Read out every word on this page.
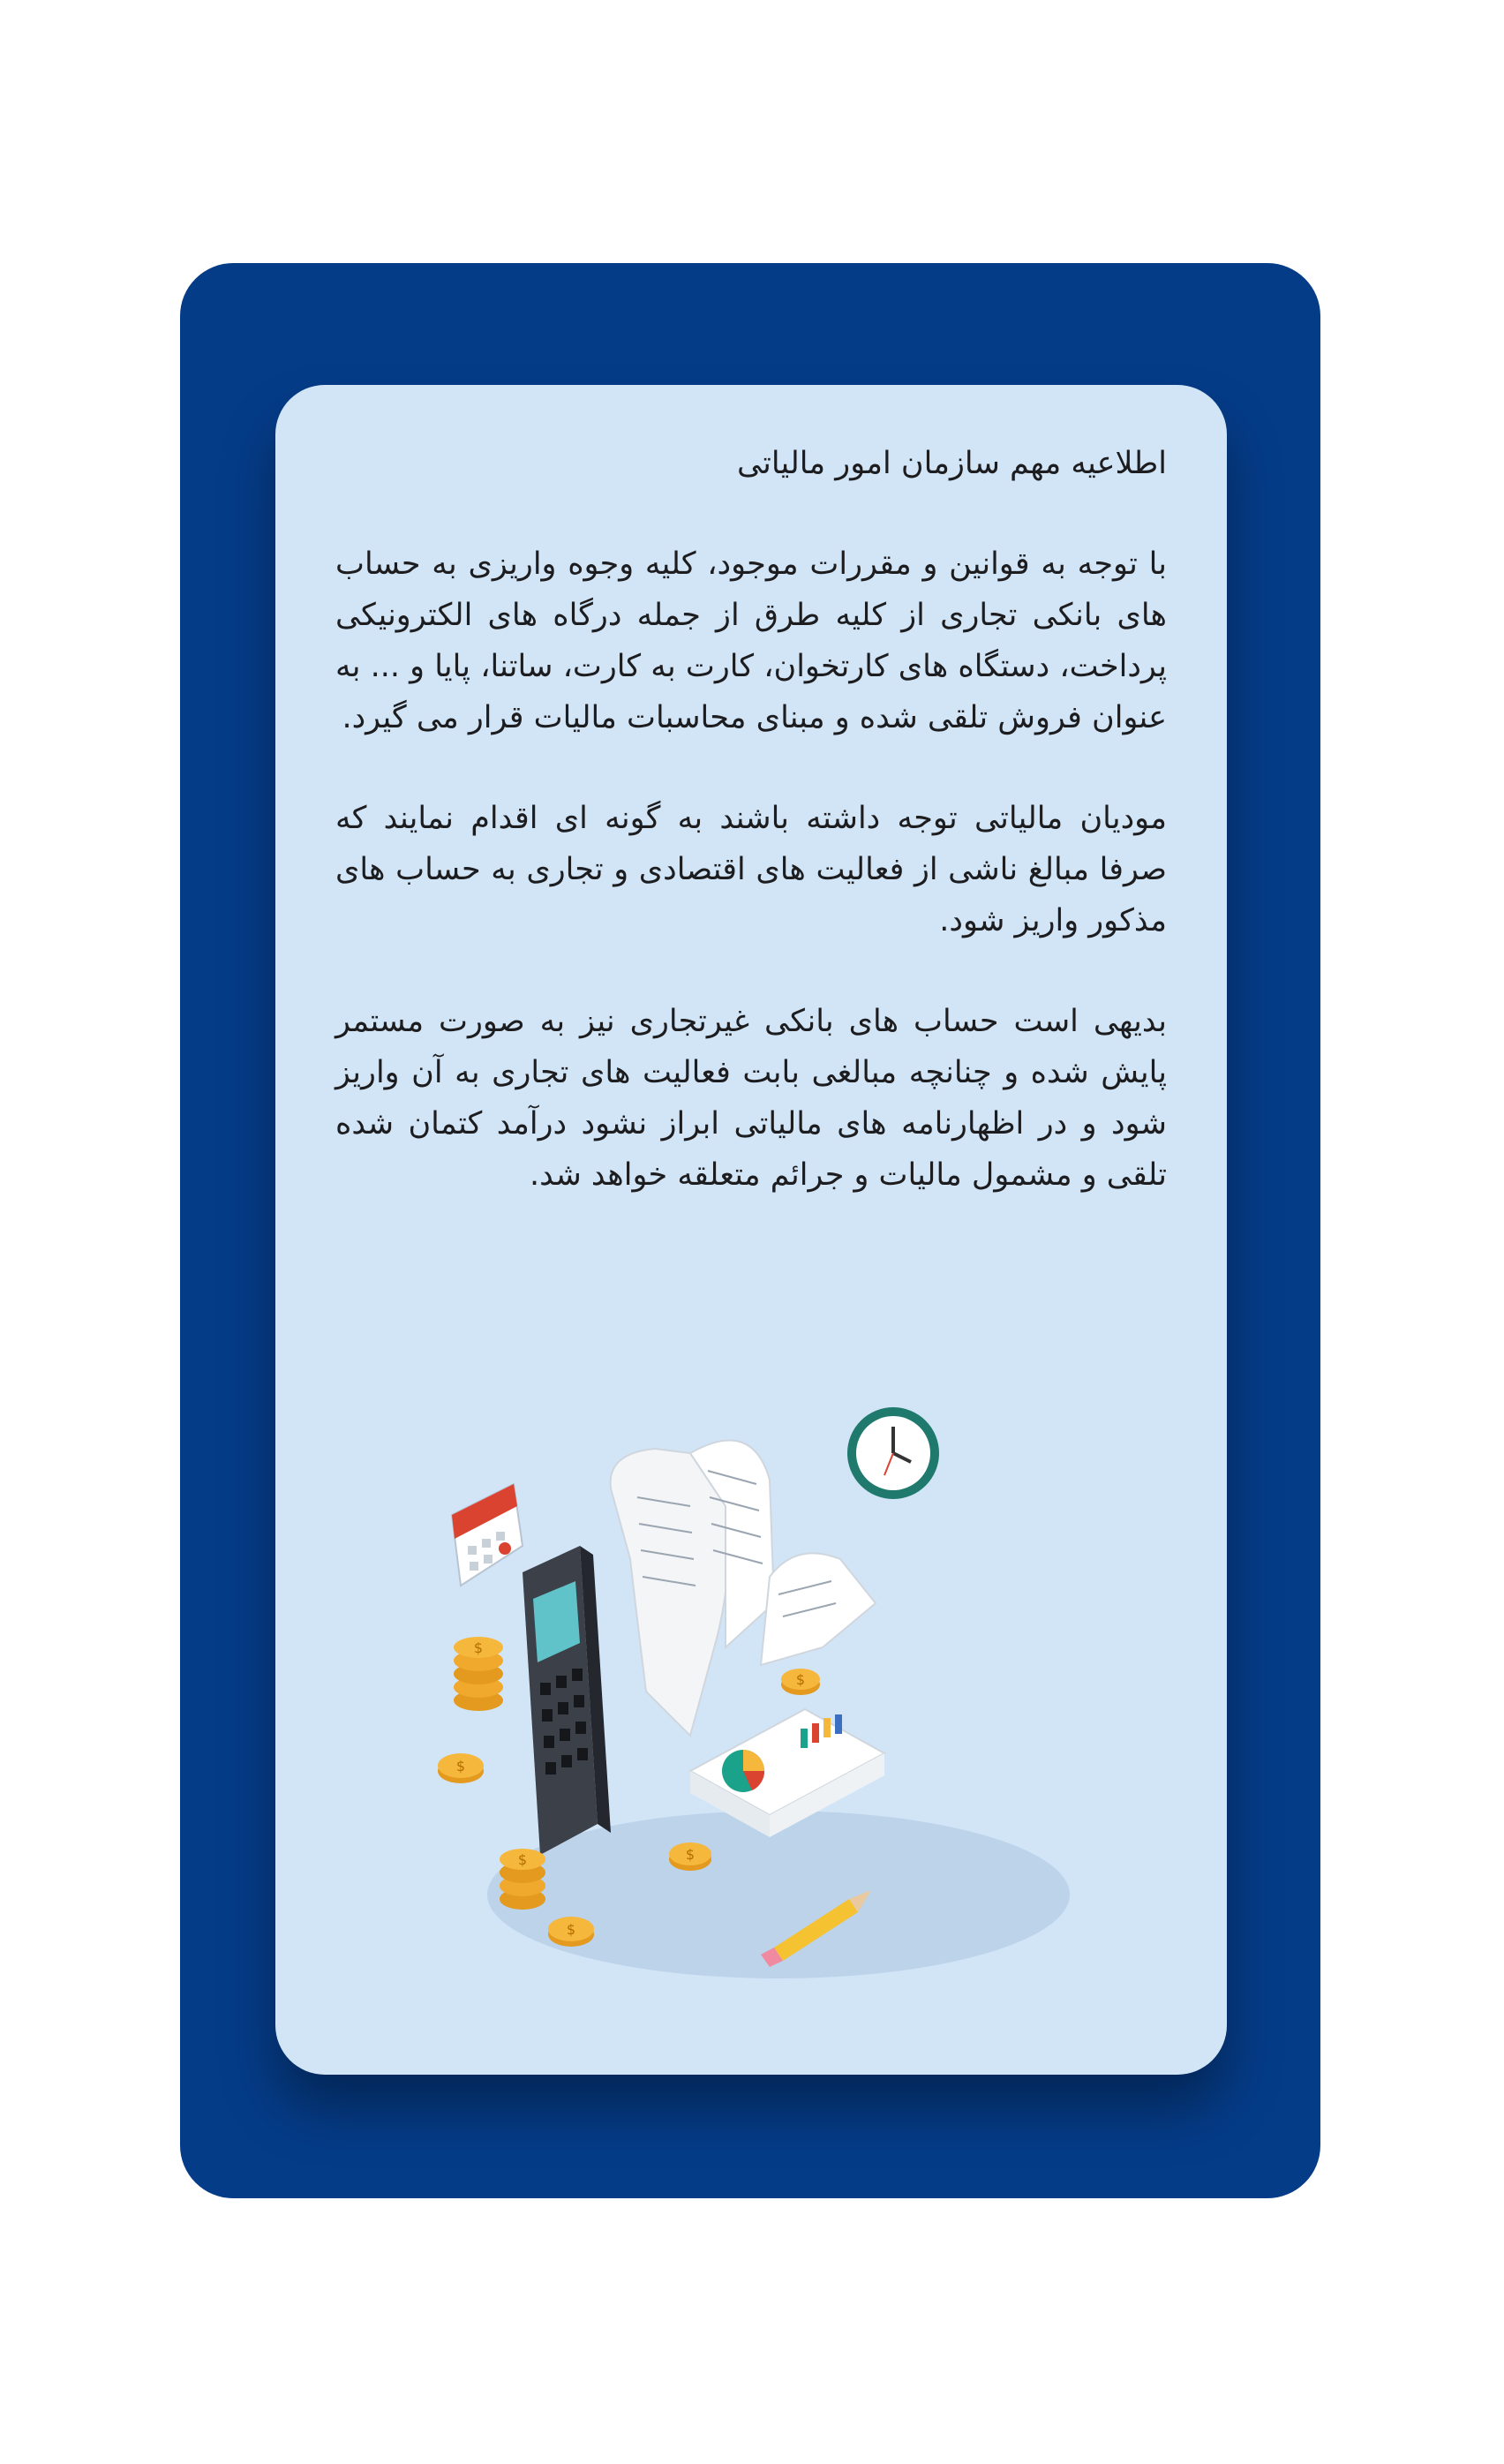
اطلاعیه مهم سازمان امور مالیاتی

با توجه به قوانین و مقررات موجود، کلیه وجوه واریزی به حساب های بانکی تجاری از کلیه طرق از جمله درگاه های الکترونیکی پرداخت، دستگاه های کارتخوان، کارت به کارت، ساتنا، پایا و ... به عنوان فروش تلقی شده و مبنای محاسبات مالیات قرار می گیرد.

مودیان مالیاتی توجه داشته باشند به گونه ای اقدام نمایند که صرفا مبالغ ناشی از فعالیت های اقتصادی و تجاری به حساب های مذکور واریز شود.

بدیهی است حساب های بانکی غیرتجاری نیز به صورت مستمر پایش شده و چنانچه مبالغی بابت فعالیت های تجاری به آن واریز شود و در اظهارنامه های مالیاتی ابراز نشود درآمد کتمان شده تلقی و مشمول مالیات و جرائم متعلقه خواهد شد.

$
$
$
$
$
$
